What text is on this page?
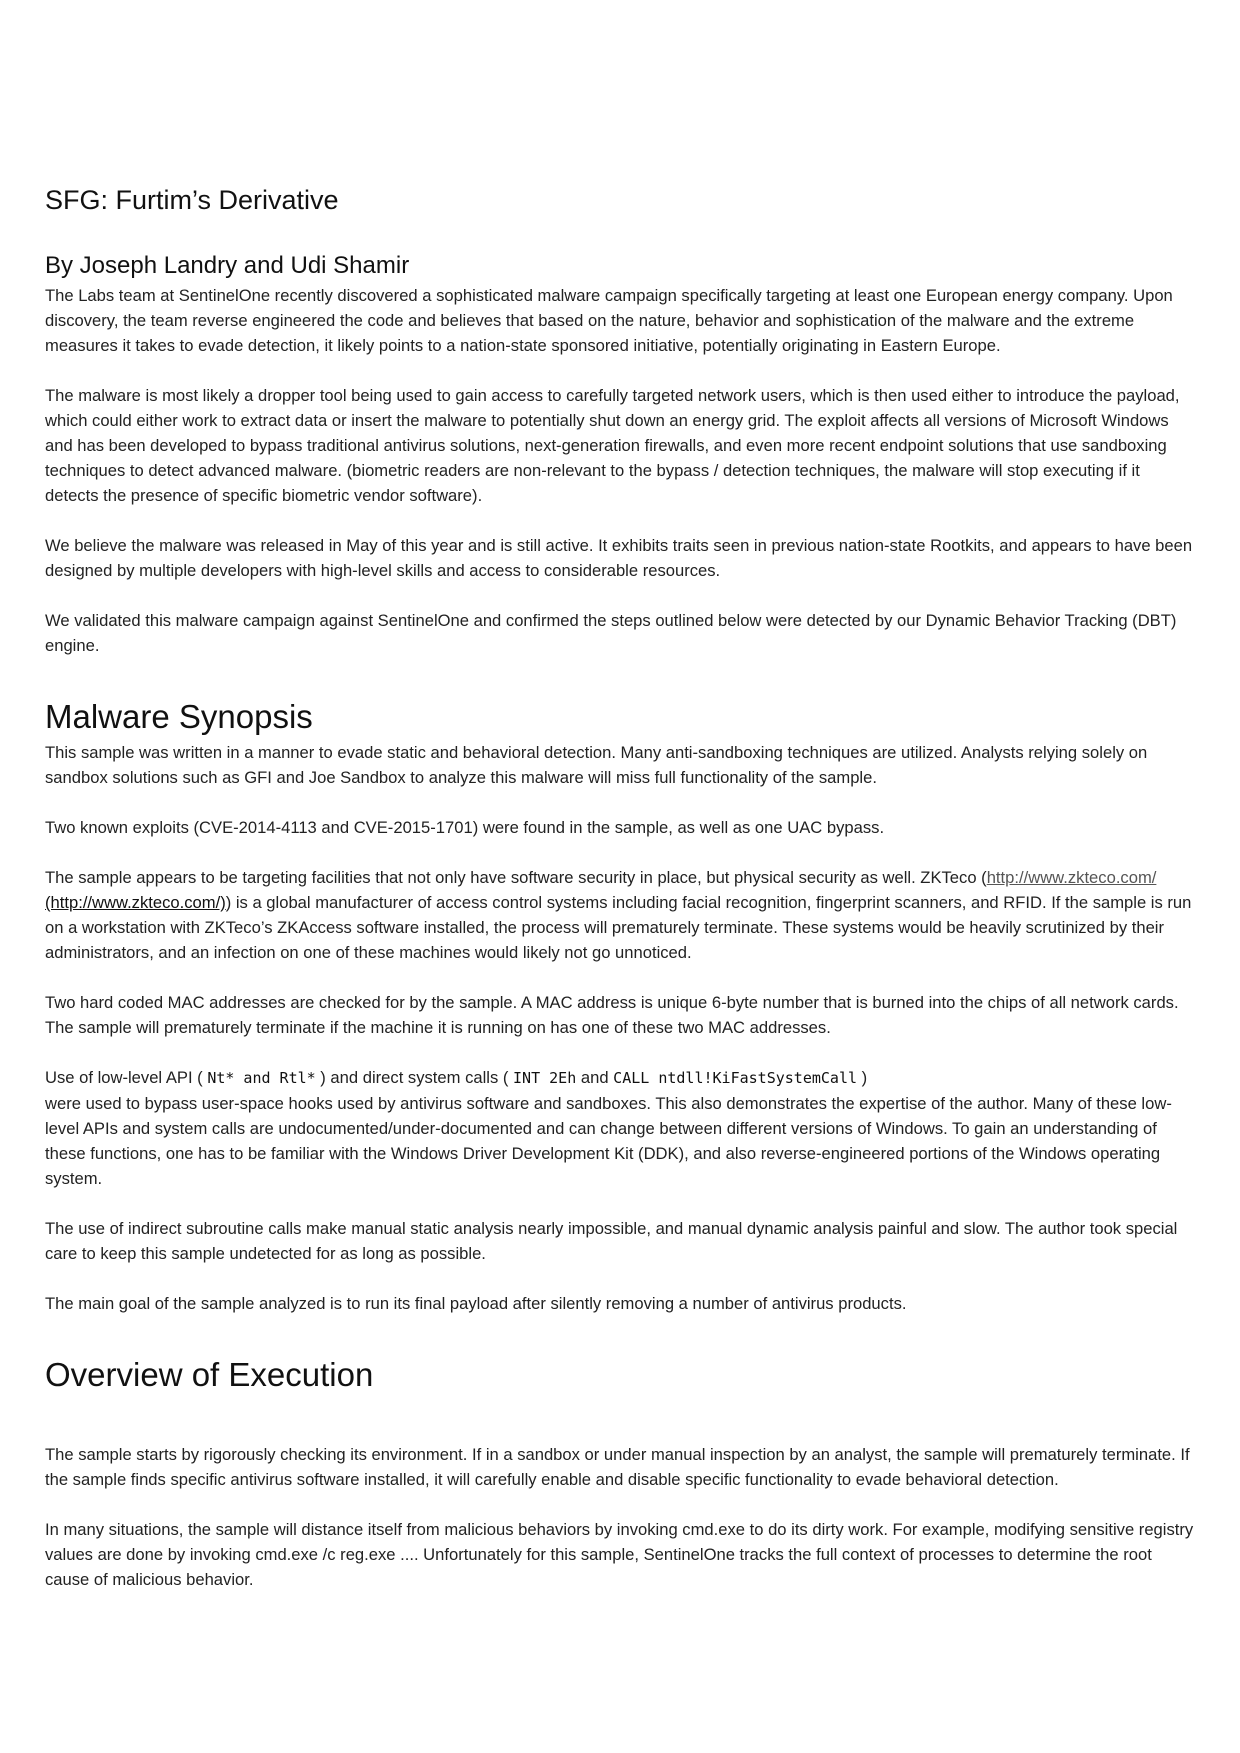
SFG: Furtim’s Derivative
By Joseph Landry and Udi Shamir

The Labs team at SentinelOne recently discovered a sophisticated malware campaign specifically targeting at least one European energy company. Upon discovery, the team reverse engineered the code and believes that based on the nature, behavior and sophistication of the malware and the extreme measures it takes to evade detection, it likely points to a nation-state sponsored initiative, potentially originating in Eastern Europe.

The malware is most likely a dropper tool being used to gain access to carefully targeted network users, which is then used either to introduce the payload, which could either work to extract data or insert the malware to potentially shut down an energy grid. The exploit affects all versions of Microsoft Windows and has been developed to bypass traditional antivirus solutions, next-generation firewalls, and even more recent endpoint solutions that use sandboxing techniques to detect advanced malware. (biometric readers are non-relevant to the bypass / detection techniques, the malware will stop executing if it detects the presence of specific biometric vendor software).

We believe the malware was released in May of this year and is still active. It exhibits traits seen in previous nation-state Rootkits, and appears to have been designed by multiple developers with high-level skills and access to considerable resources.

We validated this malware campaign against SentinelOne and confirmed the steps outlined below were detected by our Dynamic Behavior Tracking (DBT) engine.

Malware Synopsis

This sample was written in a manner to evade static and behavioral detection. Many anti-sandboxing techniques are utilized. Analysts relying solely on sandbox solutions such as GFI and Joe Sandbox to analyze this malware will miss full functionality of the sample.

Two known exploits (CVE-2014-4113 and CVE-2015-1701) were found in the sample, as well as one UAC bypass.

The sample appears to be targeting facilities that not only have software security in place, but physical security as well. ZKTeco (http://www.zkteco.com/ (http://www.zkteco.com/)) is a global manufacturer of access control systems including facial recognition, fingerprint scanners, and RFID. If the sample is run on a workstation with ZKTeco’s ZKAccess software installed, the process will prematurely terminate. These systems would be heavily scrutinized by their administrators, and an infection on one of these machines would likely not go unnoticed.

Two hard coded MAC addresses are checked for by the sample. A MAC address is unique 6-byte number that is burned into the chips of all network cards. The sample will prematurely terminate if the machine it is running on has one of these two MAC addresses.

Use of low-level API ( Nt* and Rtl* ) and direct system calls ( INT 2Eh and CALL ntdll!KiFastSystemCall )
were used to bypass user-space hooks used by antivirus software and sandboxes. This also demonstrates the expertise of the author. Many of these low-level APIs and system calls are undocumented/under-documented and can change between different versions of Windows. To gain an understanding of these functions, one has to be familiar with the Windows Driver Development Kit (DDK), and also reverse-engineered portions of the Windows operating system.

The use of indirect subroutine calls make manual static analysis nearly impossible, and manual dynamic analysis painful and slow. The author took special care to keep this sample undetected for as long as possible.

The main goal of the sample analyzed is to run its final payload after silently removing a number of antivirus products.

Overview of Execution

The sample starts by rigorously checking its environment. If in a sandbox or under manual inspection by an analyst, the sample will prematurely terminate. If the sample finds specific antivirus software installed, it will carefully enable and disable specific functionality to evade behavioral detection.

In many situations, the sample will distance itself from malicious behaviors by invoking cmd.exe to do its dirty work. For example, modifying sensitive registry values are done by invoking cmd.exe /c reg.exe .... Unfortunately for this sample, SentinelOne tracks the full context of processes to determine the root cause of malicious behavior.
